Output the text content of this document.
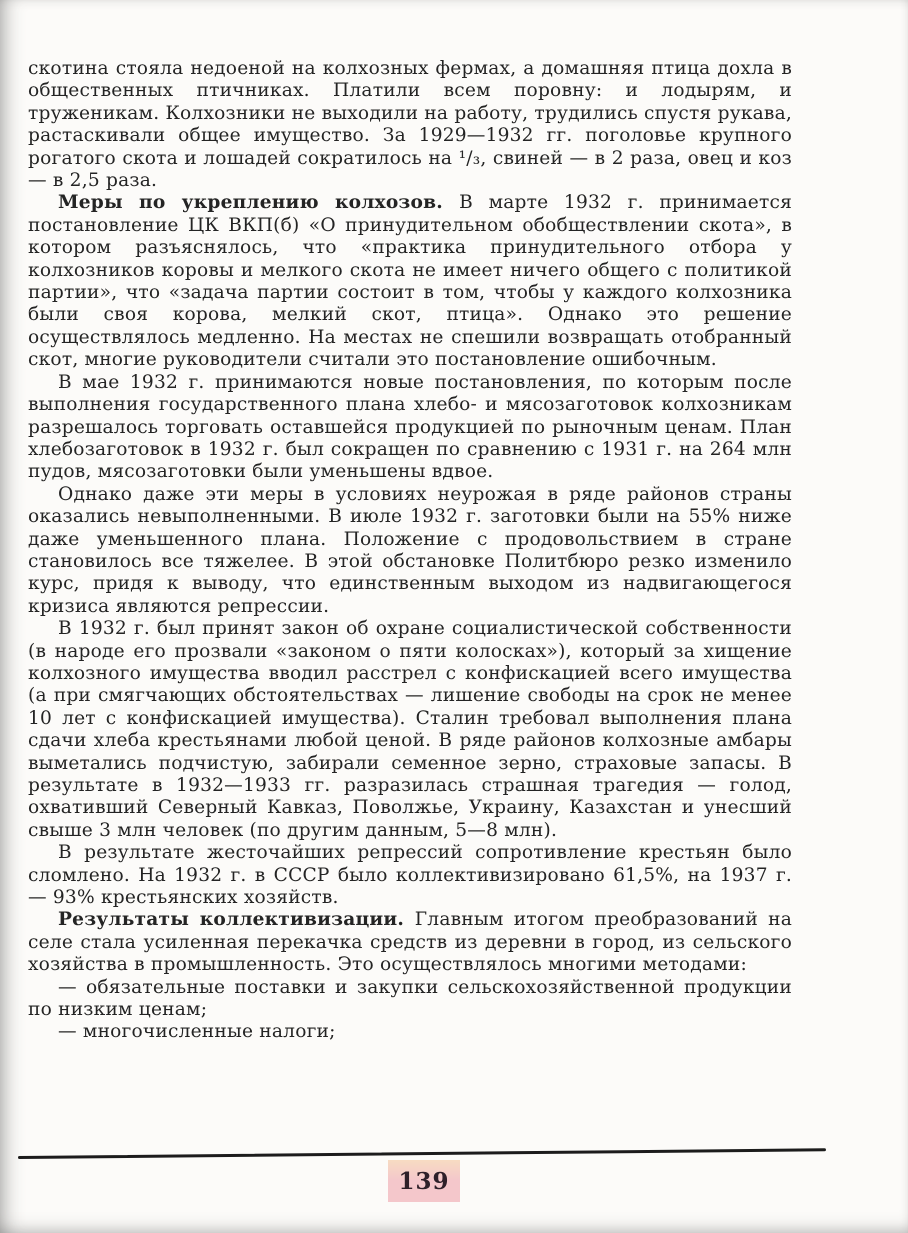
скотина стояла недоеной на колхозных фермах, а домашняя птица дохла в общественных птичниках. Платили всем поровну: и лодырям, и труженикам. Колхозники не выходили на работу, трудились спустя рукава, растаскивали общее имущество. За 1929—1932 гг. поголовье крупного рогатого скота и лошадей сократилось на ¹/₃, свиней — в 2 раза, овец и коз — в 2,5 раза.

Меры по укреплению колхозов. В марте 1932 г. принимается постановление ЦК ВКП(б) «О принудительном обобществлении скота», в котором разъяснялось, что «практика принудительного отбора у колхозников коровы и мелкого скота не имеет ничего общего с политикой партии», что «задача партии состоит в том, чтобы у каждого колхозника были своя корова, мелкий скот, птица». Однако это решение осуществлялось медленно. На местах не спешили возвращать отобранный скот, многие руководители считали это постановление ошибочным.

В мае 1932 г. принимаются новые постановления, по которым после выполнения государственного плана хлебо- и мясозаготовок колхозникам разрешалось торговать оставшейся продукцией по рыночным ценам. План хлебозаготовок в 1932 г. был сокращен по сравнению с 1931 г. на 264 млн пудов, мясозаготовки были уменьшены вдвое.

Однако даже эти меры в условиях неурожая в ряде районов страны оказались невыполненными. В июле 1932 г. заготовки были на 55% ниже даже уменьшенного плана. Положение с продовольствием в стране становилось все тяжелее. В этой обстановке Политбюро резко изменило курс, придя к выводу, что единственным выходом из надвигающегося кризиса являются репрессии.

В 1932 г. был принят закон об охране социалистической собственности (в народе его прозвали «законом о пяти колосках»), который за хищение колхозного имущества вводил расстрел с конфискацией всего имущества (а при смягчающих обстоятельствах — лишение свободы на срок не менее 10 лет с конфискацией имущества). Сталин требовал выполнения плана сдачи хлеба крестьянами любой ценой. В ряде районов колхозные амбары выметались подчистую, забирали семенное зерно, страховые запасы. В результате в 1932—1933 гг. разразилась страшная трагедия — голод, охвативший Северный Кавказ, Поволжье, Украину, Казахстан и унесший свыше 3 млн человек (по другим данным, 5—8 млн).

В результате жесточайших репрессий сопротивление крестьян было сломлено. На 1932 г. в СССР было коллективизировано 61,5%, на 1937 г. — 93% крестьянских хозяйств.

Результаты коллективизации. Главным итогом преобразований на селе стала усиленная перекачка средств из деревни в город, из сельского хозяйства в промышленность. Это осуществлялось многими методами:

— обязательные поставки и закупки сельскохозяйственной продукции по низким ценам;

— многочисленные налоги;

139
